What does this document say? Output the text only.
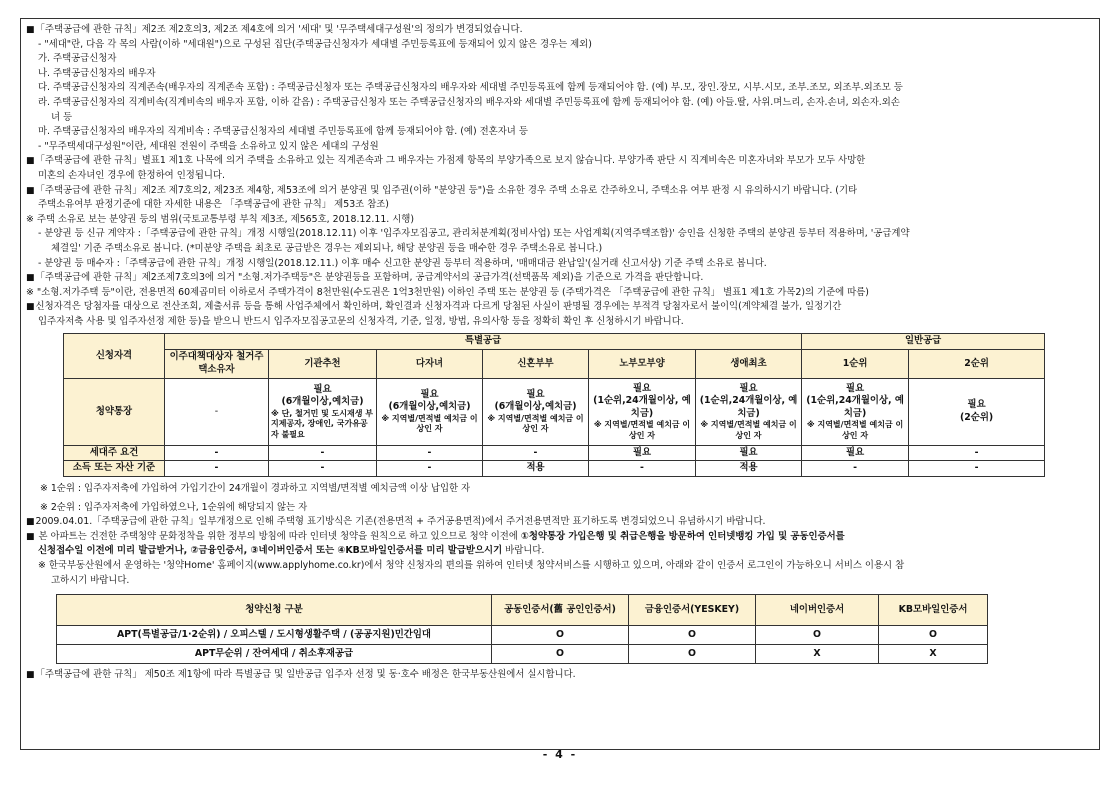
■ 「주택공급에 관한 규칙」제2조 제2호의3, 제2조 제4호에 의거 '세대' 및 '무주택세대구성원'의 정의가 변경되었습니다.
- "세대"란, 다음 각 목의 사람(이하 "세대원")으로 구성된 집단(주택공급신청자가 세대별 주민등록표에 등재되어 있지 않은 경우는 제외)
가. 주택공급신청자
나. 주택공급신청자의 배우자
다. 주택공급신청자의 직계존속(배우자의 직계존속 포함) : 주택공급신청자 또는 주택공급신청자의 배우자와 세대별 주민등록표에 함께 등재되어야 함. (예) 부.모, 장인.장모, 시부.시모, 조부.조모, 외조부.외조모 등
라. 주택공급신청자의 직계비속(직계비속의 배우자 포함, 이하 같음) : 주택공급신청자 또는 주택공급신청자의 배우자와 세대별 주민등록표에 함께 등재되어야 함. (예) 아들.딸, 사위.며느리, 손자.손녀, 외손자.외손
녀 등
마. 주택공급신청자의 배우자의 직계비속 : 주택공급신청자의 세대별 주민등록표에 함께 등재되어야 함. (예) 전혼자녀 등
- "무주택세대구성원"이란, 세대원 전원이 주택을 소유하고 있지 않은 세대의 구성원
■ 「주택공급에 관한 규칙」별표1 제1호 나목에 의거 주택을 소유하고 있는 직계존속과 그 배우자는 가점제 항목의 부양가족으로 보지 않습니다. 부양가족 판단 시 직계비속은 미혼자녀와 부모가 모두 사망한
미혼의 손자녀인 경우에 한정하여 인정됩니다.
■ 「주택공급에 관한 규칙」제2조 제7호의2, 제23조 제4항, 제53조에 의거 분양권 및 입주권(이하 "분양권 등")을 소유한 경우 주택 소유로 간주하오니, 주택소유 여부 판정 시 유의하시기 바랍니다. (기타
주택소유여부 판정기준에 대한 자세한 내용은 「주택공급에 관한 규칙」 제53조 참조)
※ 주택 소유로 보는 분양권 등의 범위(국토교통부령 부칙 제3조, 제565호, 2018.12.11. 시행)
- 분양권 등 신규 계약자 :「주택공급에 관한 규칙」개정 시행일(2018.12.11) 이후 '입주자모집공고, 관리처분계획(정비사업) 또는 사업계획(지역주택조합)' 승인을 신청한 주택의 분양권 등부터 적용하며, '공급계약
체결일' 기준 주택소유로 봅니다. (*미분양 주택을 최초로 공급받은 경우는 제외되나, 해당 분양권 등을 매수한 경우 주택소유로 봅니다.)
- 분양권 등 매수자 :「주택공급에 관한 규칙」개정 시행일(2018.12.11.) 이후 매수 신고한 분양권 등부터 적용하며, '매매대금 완납일'(실거래 신고서상) 기준 주택 소유로 봅니다.
■ 「주택공급에 관한 규칙」제2조제7호의3에 의거 "소형.저가주택등"은 분양권등을 포함하며, 공급계약서의 공급가격(선택품목 제외)을 기준으로 가격을 판단합니다.
※ "소형.저가주택 등"이란, 전용면적 60제곱미터 이하로서 주택가격이 8천만원(수도권은 1억3천만원) 이하인 주택 또는 분양권 등 (주택가격은 「주택공급에 관한 규칙」 별표1 제1호 가목2)의 기준에 따름)
■ 신청자격은 당첨자를 대상으로 전산조회, 제출서류 등을 통해 사업주체에서 확인하며, 확인결과 신청자격과 다르게 당첨된 사실이 판명될 경우에는 부적격 당첨자로서 불이익(계약체결 불가, 일정기간
입주자저축 사용 및 입주자선정 제한 등)을 받으니 반드시 입주자모집공고문의 신청자격, 기준, 일정, 방법, 유의사항 등을 정확히 확인 후 신청하시기 바랍니다.
신청자격	특별공급						일반공급	
	이주대책대상자 철거주택소유자	기관추천	다자녀	신혼부부	노부모부양	생애최초	1순위	2순위
청약통장	-	필요
(6개월이상,예치금)
※ 단, 철거민 및 도시재생 부지제공자, 장애인, 국가유공자 불필요	필요
(6개월이상,예치금)
※ 지역별/면적별 예치금 이상인 자	필요
(6개월이상,예치금)
※ 지역별/면적별 예치금 이상인 자	필요
(1순위,24개월이상, 예치금)
※ 지역별/면적별 예치금 이상인 자	필요
(1순위,24개월이상, 예치금)
※ 지역별/면적별 예치금 이상인 자	필요
(1순위,24개월이상, 예치금)
※ 지역별/면적별 예치금 이상인 자	필요
(2순위)

세대주 요건	-	-	-	-	필요	필요	필요	-
소득 또는 자산 기준	-	-	-	적용	-	적용	-	-
※ 1순위 : 입주자저축에 가입하여 가입기간이 24개월이 경과하고 지역별/면적별 예치금액 이상 납입한 자
※ 2순위 : 입주자저축에 가입하였으나, 1순위에 해당되지 않는 자
■ 2009.04.01.「주택공급에 관한 규칙」일부개정으로 인해 주택형 표기방식은 기존(전용면적 + 주거공용면적)에서 주거전용면적만 표기하도록 변경되었으니 유념하시기 바랍니다.
■ 본 아파트는 건전한 주택청약 문화정착을 위한 정부의 방침에 따라 인터넷 청약을 원칙으로 하고 있으므로 청약 이전에 ①청약통장 가입은행 및 취급은행을 방문하여 인터넷뱅킹 가입 및 공동인증서를
신청접수일 이전에 미리 발급받거나, ②금융인증서, ③네이버인증서 또는 ④KB모바일인증서를 미리 발급받으시기 바랍니다.
※ 한국부동산원에서 운영하는 '청약Home' 홈페이지(www.applyhome.co.kr)에서 청약 신청자의 편의를 위하여 인터넷 청약서비스를 시행하고 있으며, 아래와 같이 인증서 로그인이 가능하오니 서비스 이용시 참
고하시기 바랍니다.
청약신청 구분	공동인증서(舊 공인인증서)	금융인증서(YESKEY)	네이버인증서	KB모바일인증서
APT(특별공급/1·2순위) / 오피스텔 / 도시형생활주택 / (공공지원)민간임대	O	O	O	O
APT무순위 / 잔여세대 / 취소후재공급	O	O	X	X
■ 「주택공급에 관한 규칙」 제50조 제1항에 따라 특별공급 및 일반공급 입주자 선정 및 동·호수 배정은 한국부동산원에서 실시합니다.
- 4 -
